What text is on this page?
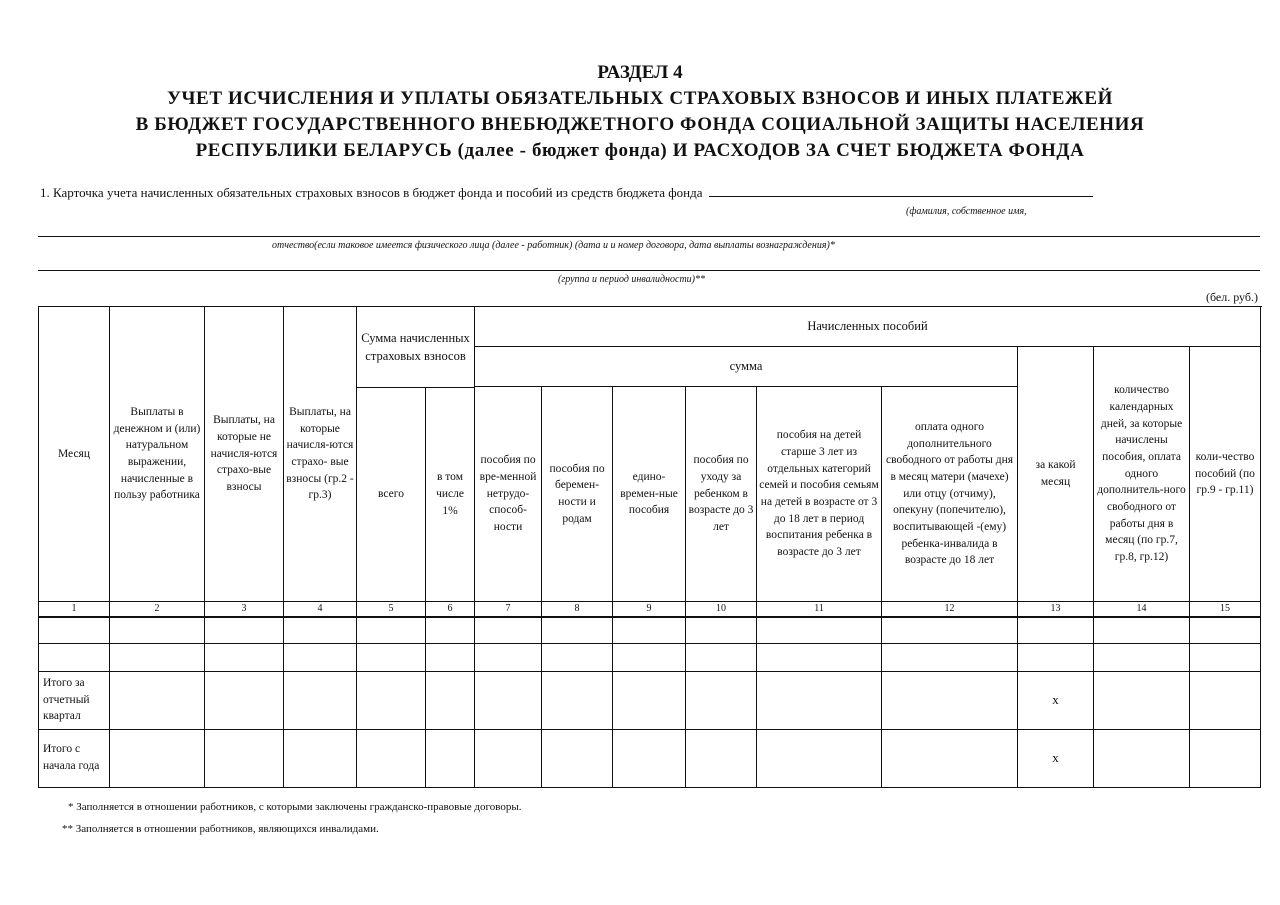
РАЗДЕЛ 4
УЧЕТ ИСЧИСЛЕНИЯ И УПЛАТЫ ОБЯЗАТЕЛЬНЫХ СТРАХОВЫХ ВЗНОСОВ И ИНЫХ ПЛАТЕЖЕЙ
В БЮДЖЕТ ГОСУДАРСТВЕННОГО ВНЕБЮДЖЕТНОГО ФОНДА СОЦИАЛЬНОЙ ЗАЩИТЫ НАСЕЛЕНИЯ
РЕСПУБЛИКИ БЕЛАРУСЬ (далее - бюджет фонда) И РАСХОДОВ ЗА СЧЕТ БЮДЖЕТА ФОНДА
1. Карточка учета начисленных обязательных страховых взносов в бюджет фонда и пособий из средств бюджета фонда
(фамилия, собственное имя,
отчество(если таковое имеется физического лица (далее - работник) (дата и и номер договора, дата выплаты вознаграждения)*
(группа и период инвалидности)**
(бел. руб.)
Месяц	Выплаты в денежном и (или) натуральном выражении, начисленные в пользу работника	Выплаты, на которые не начисля-ются страхо-вые взносы	Выплаты, на которые начисля-ются страхо- вые взносы (гр.2 - гр.3)	Сумма начисленных страховых взносов		Начисленных пособий								
						сумма						за какой месяц	количество календарных дней, за которые начислены пособия, оплата одного дополнитель-ного свободного от работы дня в месяц (по гр.7, гр.8, гр.12)	коли-чество пособий (по гр.9 - гр.11)
						пособия по вре-менной нетрудо-способ-ности	пособия по беремен-ности и родам	едино-времен-ные пособия	пособия по уходу за ребенком в возрасте до 3 лет	пособия на детей старше 3 лет из отдельных категорий семей и пособия семьям на детей в возрасте от 3 до 18 лет в период воспитания ребенка в возрасте до 3 лет	оплата одного дополнительного свободного от работы дня в месяц матери (мачехе) или отцу (отчиму), опекуну (попечителю), воспитывающей -(ему) ребенка-инвалида в возрасте до 18 лет			
				всего	в том числе 1%									
1	2	3	4	5	6	7	8	9	10	11	12	13	14	15

Итого за отчетный квартал												х		
Итого с начала года												х		
* Заполняется в отношении работников, с которыми заключены гражданско-правовые договоры.
** Заполняется в отношении работников, являющихся инвалидами.
